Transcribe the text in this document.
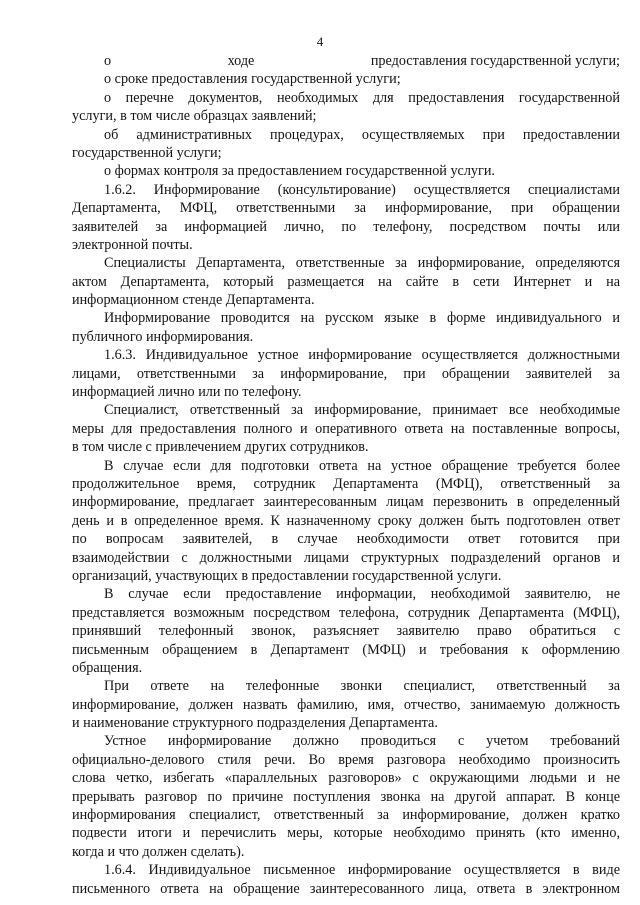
4
о	ходе	предоставления государственной услуги;
о сроке предоставления государственной услуги;
о перечне документов, необходимых для предоставления государственной
услуги, в том числе образцах заявлений;
об административных процедурах, осуществляемых при предоставлении
государственной услуги;
о формах контроля за предоставлением государственной услуги.
1.6.2. Информирование (консультирование) осуществляется специалистами
Департамента, МФЦ, ответственными за информирование, при обращении
заявителей за информацией лично, по телефону, посредством почты или
электронной почты.
Специалисты Департамента, ответственные за информирование, определяются
актом Департамента, который размещается на сайте в сети Интернет и на
информационном стенде Департамента.
Информирование проводится на русском языке в форме индивидуального и
публичного информирования.
1.6.3. Индивидуальное устное информирование осуществляется должностными
лицами, ответственными за информирование, при обращении заявителей за
информацией лично или по телефону.
Специалист, ответственный за информирование, принимает все необходимые
меры для предоставления полного и оперативного ответа на поставленные вопросы,
в том числе с привлечением других сотрудников.
В случае если для подготовки ответа на устное обращение требуется более
продолжительное время, сотрудник Департамента (МФЦ), ответственный за
информирование, предлагает заинтересованным лицам перезвонить в определенный
день и в определенное время. К назначенному сроку должен быть подготовлен ответ
по вопросам заявителей, в случае необходимости ответ готовится при
взаимодействии с должностными лицами структурных подразделений органов и
организаций, участвующих в предоставлении государственной услуги.
В случае если предоставление информации, необходимой заявителю, не
представляется возможным посредством телефона, сотрудник Департамента (МФЦ),
принявший телефонный звонок, разъясняет заявителю право обратиться с
письменным обращением в Департамент (МФЦ) и требования к оформлению
обращения.
При ответе на телефонные звонки специалист, ответственный за
информирование, должен назвать фамилию, имя, отчество, занимаемую должность
и наименование структурного подразделения Департамента.
Устное информирование должно проводиться с учетом требований
официально-делового стиля речи. Во время разговора необходимо произносить
слова четко, избегать «параллельных разговоров» с окружающими людьми и не
прерывать разговор по причине поступления звонка на другой аппарат. В конце
информирования специалист, ответственный за информирование, должен кратко
подвести итоги и перечислить меры, которые необходимо принять (кто именно,
когда и что должен сделать).
1.6.4. Индивидуальное письменное информирование осуществляется в виде
письменного ответа на обращение заинтересованного лица, ответа в электронном
